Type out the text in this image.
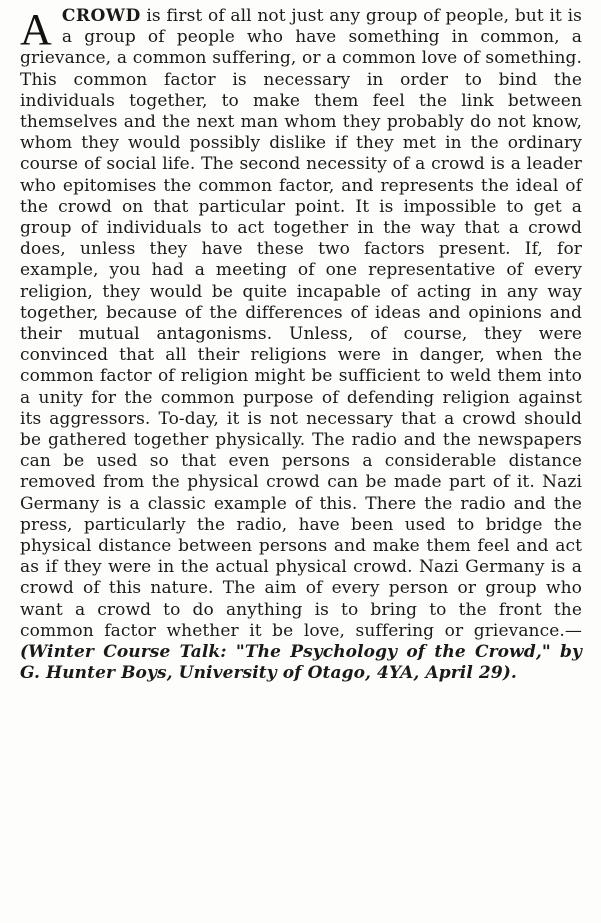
ACROWD is first of all not just any group of people, but it is a group of people who have something in common, a grievance, a common suffering, or a common love of something. This common factor is necessary in order to bind the individuals together, to make them feel the link between themselves and the next man whom they probably do not know, whom they would possibly dislike if they met in the ordinary course of social life. The second necessity of a crowd is a leader who epitomises the common factor, and represents the ideal of the crowd on that particular point. It is impossible to get a group of individuals to act together in the way that a crowd does, unless they have these two factors present. If, for example, you had a meeting of one representative of every religion, they would be quite incapable of acting in any way together, because of the differences of ideas and opinions and their mutual antagonisms. Unless, of course, they were convinced that all their religions were in danger, when the common factor of religion might be sufficient to weld them into a unity for the common purpose of defending religion against its aggressors. To-day, it is not necessary that a crowd should be gathered together physically. The radio and the newspapers can be used so that even persons a considerable distance removed from the physical crowd can be made part of it. Nazi Germany is a classic example of this. There the radio and the press, particularly the radio, have been used to bridge the physical distance between persons and make them feel and act as if they were in the actual physical crowd. Nazi Germany is a crowd of this nature. The aim of every person or group who want a crowd to do anything is to bring to the front the common factor whether it be love, suffering or grievance.—(Winter Course Talk: "The Psychology of the Crowd," by G. Hunter Boys, University of Otago, 4YA, April 29).
